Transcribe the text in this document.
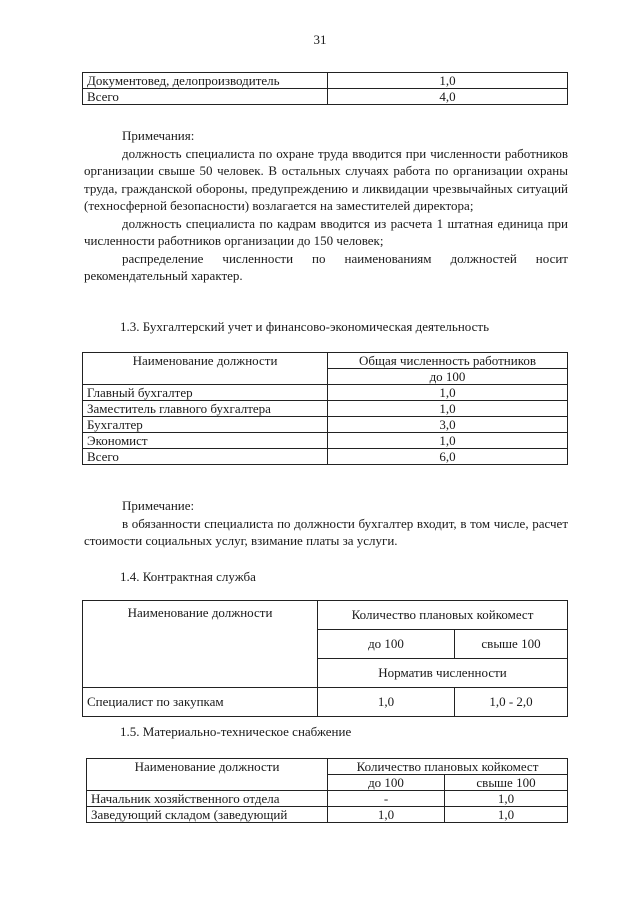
31
Документовед, делопроизводитель	1,0
Всего	4,0

Примечания:

должность специалиста по охране труда вводится при численности работников организации свыше 50 человек. В остальных случаях работа по организации охраны труда, гражданской обороны, предупреждению и ликвидации чрезвычайных ситуаций (техносферной безопасности) возлагается на заместителей директора;

должность специалиста по кадрам вводится из расчета 1 штатная единица при численности работников организации до 150 человек;

распределение численности по наименованиям должностей носит рекомендательный характер.

1.3. Бухгалтерский учет и финансово-экономическая деятельность
Наименование должности	Общая численность работников
	до 100
Главный бухгалтер	1,0
Заместитель главного бухгалтера	1,0
Бухгалтер	3,0
Экономист	1,0
Всего	6,0

Примечание:

в обязанности специалиста по должности бухгалтер входит, в том числе, расчет стоимости социальных услуг, взимание платы за услуги.

1.4. Контрактная служба
Наименование должности	Количество плановых койкомест	
	до 100	свыше 100
	Норматив численности	
Специалист по закупкам	1,0	1,0 - 2,0
1.5. Материально-техническое снабжение
Наименование должности	Количество плановых койкомест	
	до 100	свыше 100
Начальник хозяйственного отдела	-	1,0
Заведующий складом (заведующий	1,0	1,0
